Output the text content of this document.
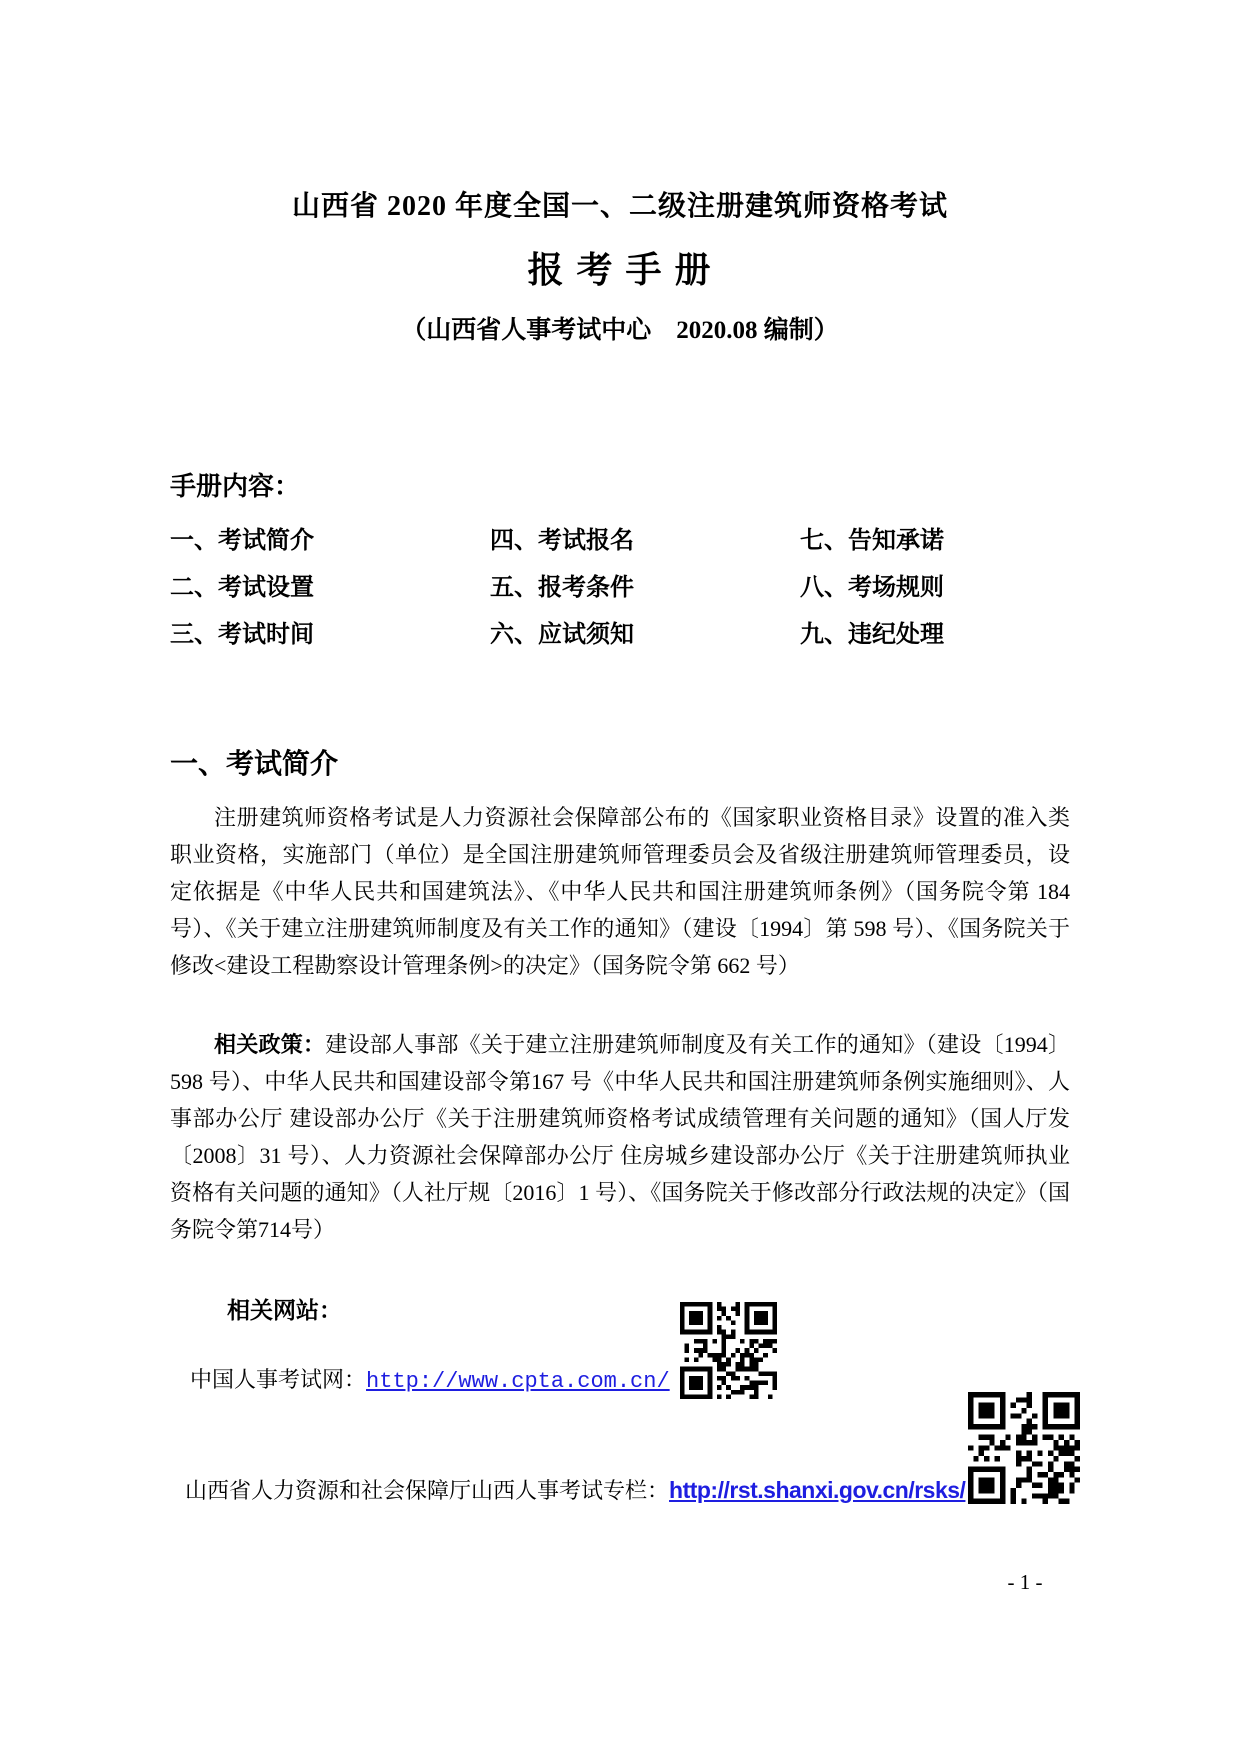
山西省 2020 年度全国一、二级注册建筑师资格考试
报 考 手 册
（山西省人事考试中心    2020.08 编制）
手册内容：
一、考试简介	四、考试报名	七、告知承诺
二、考试设置	五、报考条件	八、考场规则
三、考试时间	六、应试须知	九、违纪处理
一、考试简介

注册建筑师资格考试是人力资源社会保障部公布的《国家职业资格目录》设置的准入类职业资格，实施部门（单位）是全国注册建筑师管理委员会及省级注册建筑师管理委员，设定依据是《中华人民共和国建筑法》、《中华人民共和国注册建筑师条例》（国务院令第 184 号）、《关于建立注册建筑师制度及有关工作的通知》（建设〔1994〕第 598 号）、《国务院关于修改<建设工程勘察设计管理条例>的决定》（国务院令第 662 号）

相关政策：建设部人事部《关于建立注册建筑师制度及有关工作的通知》（建设〔1994〕598 号）、中华人民共和国建设部令第167 号《中华人民共和国注册建筑师条例实施细则》、人事部办公厅 建设部办公厅《关于注册建筑师资格考试成绩管理有关问题的通知》（国人厅发〔2008〕31 号）、人力资源社会保障部办公厅 住房城乡建设部办公厅《关于注册建筑师执业资格有关问题的通知》（人社厅规〔2016〕1 号）、《国务院关于修改部分行政法规的决定》（国务院令第714号）

相关网站：
中国人事考试网：http://www.cpta.com.cn/
山西省人力资源和社会保障厅山西人事考试专栏：http://rst.shanxi.gov.cn/rsks/
- 1 -
